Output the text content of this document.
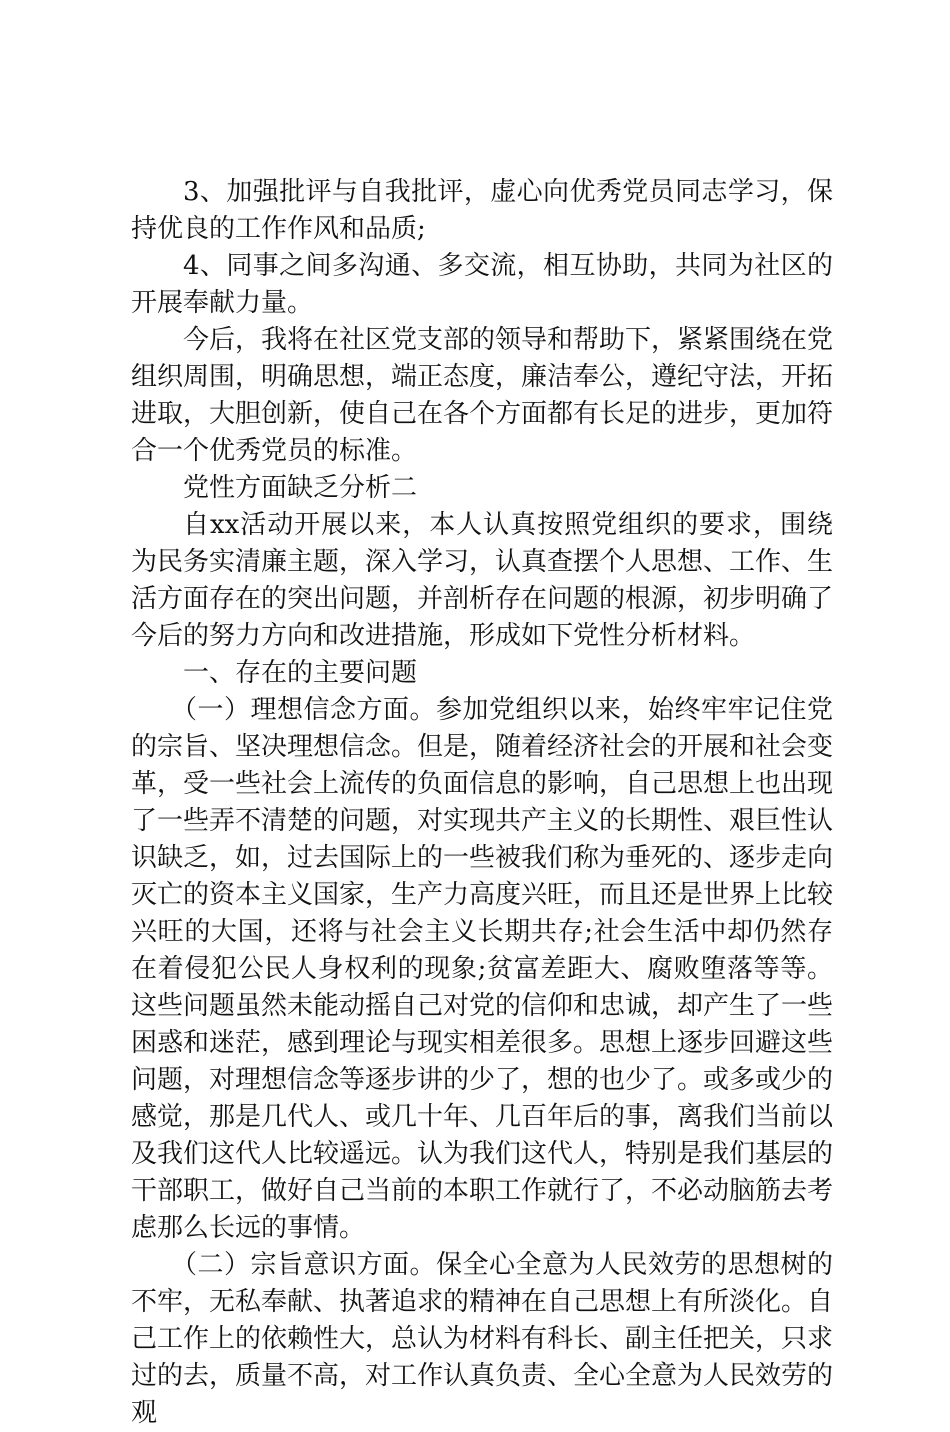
3、加强批评与自我批评，虚心向优秀党员同志学习，保持优良的工作作风和品质;

4、同事之间多沟通、多交流，相互协助，共同为社区的开展奉献力量。

今后，我将在社区党支部的领导和帮助下，紧紧围绕在党组织周围，明确思想，端正态度，廉洁奉公，遵纪守法，开拓进取，大胆创新，使自己在各个方面都有长足的进步，更加符合一个优秀党员的标准。

党性方面缺乏分析二

自xx活动开展以来，本人认真按照党组织的要求，围绕为民务实清廉主题，深入学习，认真查摆个人思想、工作、生活方面存在的突出问题，并剖析存在问题的根源，初步明确了今后的努力方向和改进措施，形成如下党性分析材料。

一、存在的主要问题

（一）理想信念方面。参加党组织以来，始终牢牢记住党的宗旨、坚决理想信念。但是，随着经济社会的开展和社会变革，受一些社会上流传的负面信息的影响，自己思想上也出现了一些弄不清楚的问题，对实现共产主义的长期性、艰巨性认识缺乏，如，过去国际上的一些被我们称为垂死的、逐步走向灭亡的资本主义国家，生产力高度兴旺，而且还是世界上比较兴旺的大国，还将与社会主义长期共存;社会生活中却仍然存在着侵犯公民人身权利的现象;贫富差距大、腐败堕落等等。这些问题虽然未能动摇自己对党的信仰和忠诚，却产生了一些困惑和迷茫，感到理论与现实相差很多。思想上逐步回避这些问题，对理想信念等逐步讲的少了，想的也少了。或多或少的感觉，那是几代人、或几十年、几百年后的事，离我们当前以及我们这代人比较遥远。认为我们这代人，特别是我们基层的干部职工，做好自己当前的本职工作就行了，不必动脑筋去考虑那么长远的事情。

（二）宗旨意识方面。保全心全意为人民效劳的思想树的不牢，无私奉献、执著追求的精神在自己思想上有所淡化。自己工作上的依赖性大，总认为材料有科长、副主任把关，只求过的去，质量不高，对工作认真负责、全心全意为人民效劳的观
